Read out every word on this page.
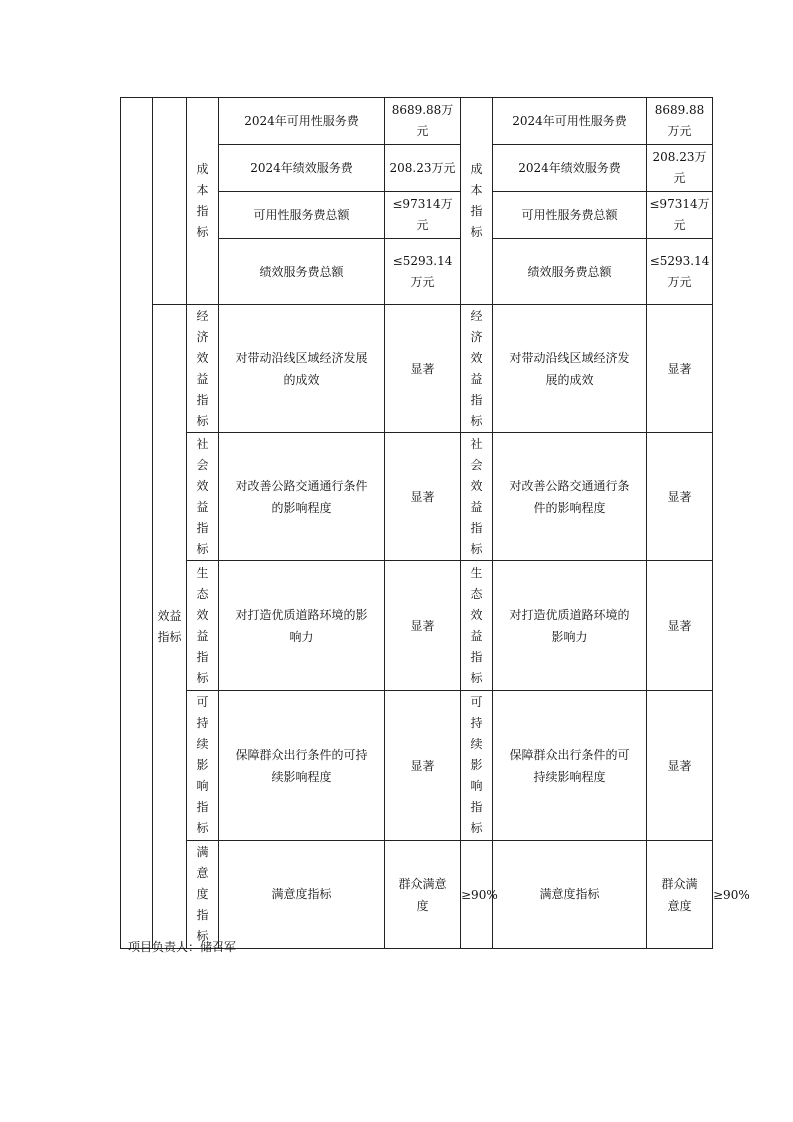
		成本指标	2024年可用性服务费	8689.88万元	成本指标	2024年可用性服务费	8689.88万元	
			2024年绩效服务费	208.23万元		2024年绩效服务费	208.23万元	
			可用性服务费总额	≤97314万元		可用性服务费总额	≤97314万元	
			绩效服务费总额	≤5293.14万元		绩效服务费总额	≤5293.14万元	
	效益指标	经济效益指标	对带动沿线区域经济发展的成效	显著	经济效益指标	对带动沿线区域经济发展的成效	显著	
		社会效益指标	对改善公路交通通行条件的影响程度	显著	社会效益指标	对改善公路交通通行条件的影响程度	显著	
		生态效益指标	对打造优质道路环境的影响力	显著	生态效益指标	对打造优质道路环境的影响力	显著	
		可持续影响指标	保障群众出行条件的可持续影响程度	显著	可持续影响指标	保障群众出行条件的可持续影响程度	显著	
		满意度指标	满意度指标	群众满意度	≥90%	满意度指标	群众满意度	≥90%

项目负责人：储召军
